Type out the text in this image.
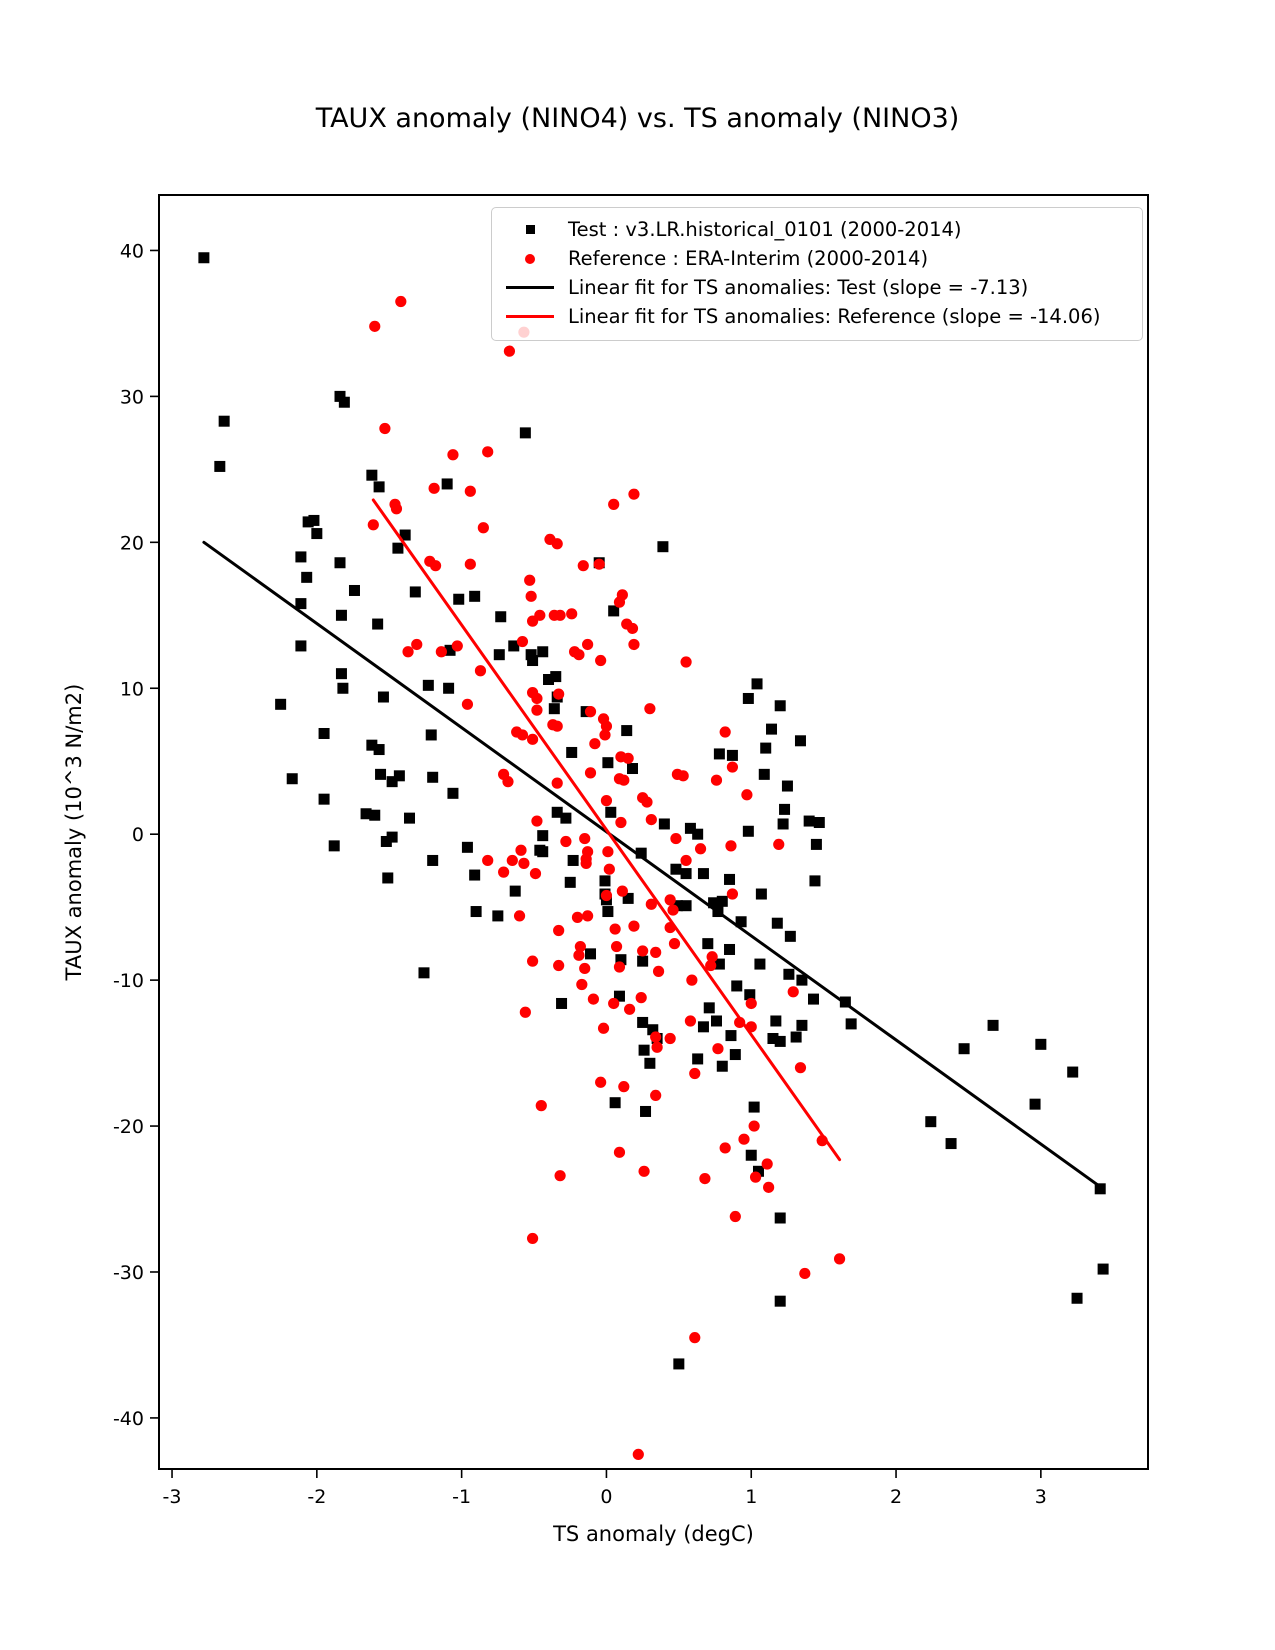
TAUX anomaly (NINO4) vs. TS anomaly (NINO3)
-3	-2	-1	0	1	2	3
-40
-30
-20
-10
0
10
20
30
40
TAUX anomaly (10^3 N/m2)
TS anomaly (degC)
Test : v3.LR.historical_0101 (2000-2014)
Reference : ERA-Interim (2000-2014)
Linear fit for TS anomalies: Test (slope = -7.13)
Linear fit for TS anomalies: Reference (slope = -14.06)
